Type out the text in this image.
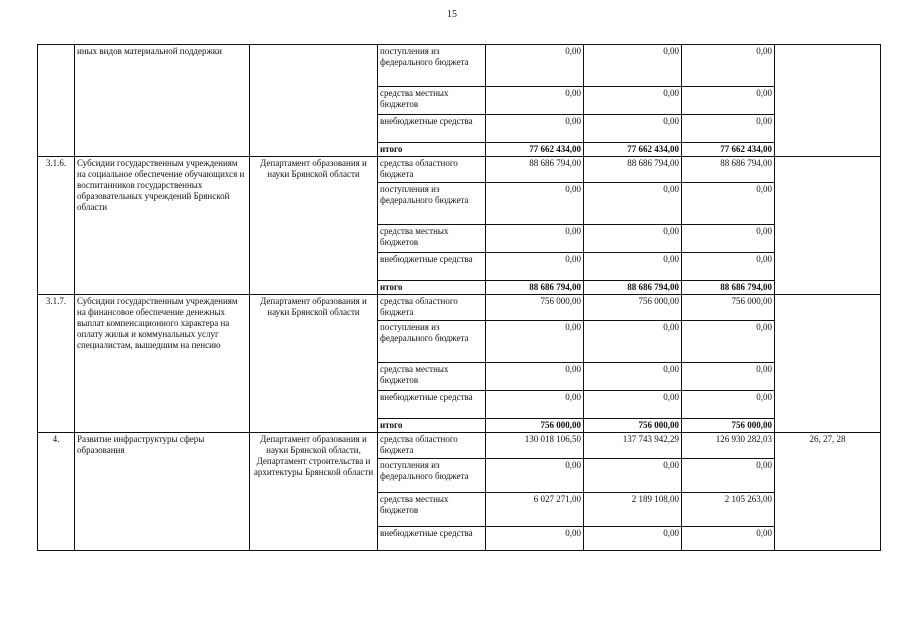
15
	иных видов материальной поддержки		поступления из федерального бюджета	0,00	0,00	0,00	
			средства местных бюджетов	0,00	0,00	0,00	
			внебюджетные средства	0,00	0,00	0,00	
			итого	77 662 434,00	77 662 434,00	77 662 434,00	
3.1.6.	Субсидии государственным учреждениям на социальное обеспечение обучающихся и воспитанников государственных образовательных учреждений Брянской области	Департамент образования и науки Брянской области	средства областного бюджета	88 686 794,00	88 686 794,00	88 686 794,00	
			поступления из федерального бюджета	0,00	0,00	0,00	
			средства местных бюджетов	0,00	0,00	0,00	
			внебюджетные средства	0,00	0,00	0,00	
			итого	88 686 794,00	88 686 794,00	88 686 794,00	
3.1.7.	Субсидии государственным учреждениям на финансовое обеспечение денежных выплат компенсационного характера на оплату жилья и коммунальных услуг специалистам, вышедшим на пенсию	Департамент образования и науки Брянской области	средства областного бюджета	756 000,00	756 000,00	756 000,00	
			поступления из федерального бюджета	0,00	0,00	0,00	
			средства местных бюджетов	0,00	0,00	0,00	
			внебюджетные средства	0,00	0,00	0,00	
			итого	756 000,00	756 000,00	756 000,00	
4.	Развитие инфраструктуры сферы образования	Департамент образования и науки Брянской области, Департамент строительства и архитектуры Брянской области	средства областного бюджета	130 018 106,50	137 743 942,29	126 930 282,03	26, 27, 28
			поступления из федерального бюджета	0,00	0,00	0,00	
			средства местных бюджетов	6 027 271,00	2 189 108,00	2 105 263,00	
			внебюджетные средства	0,00	0,00	0,00	
